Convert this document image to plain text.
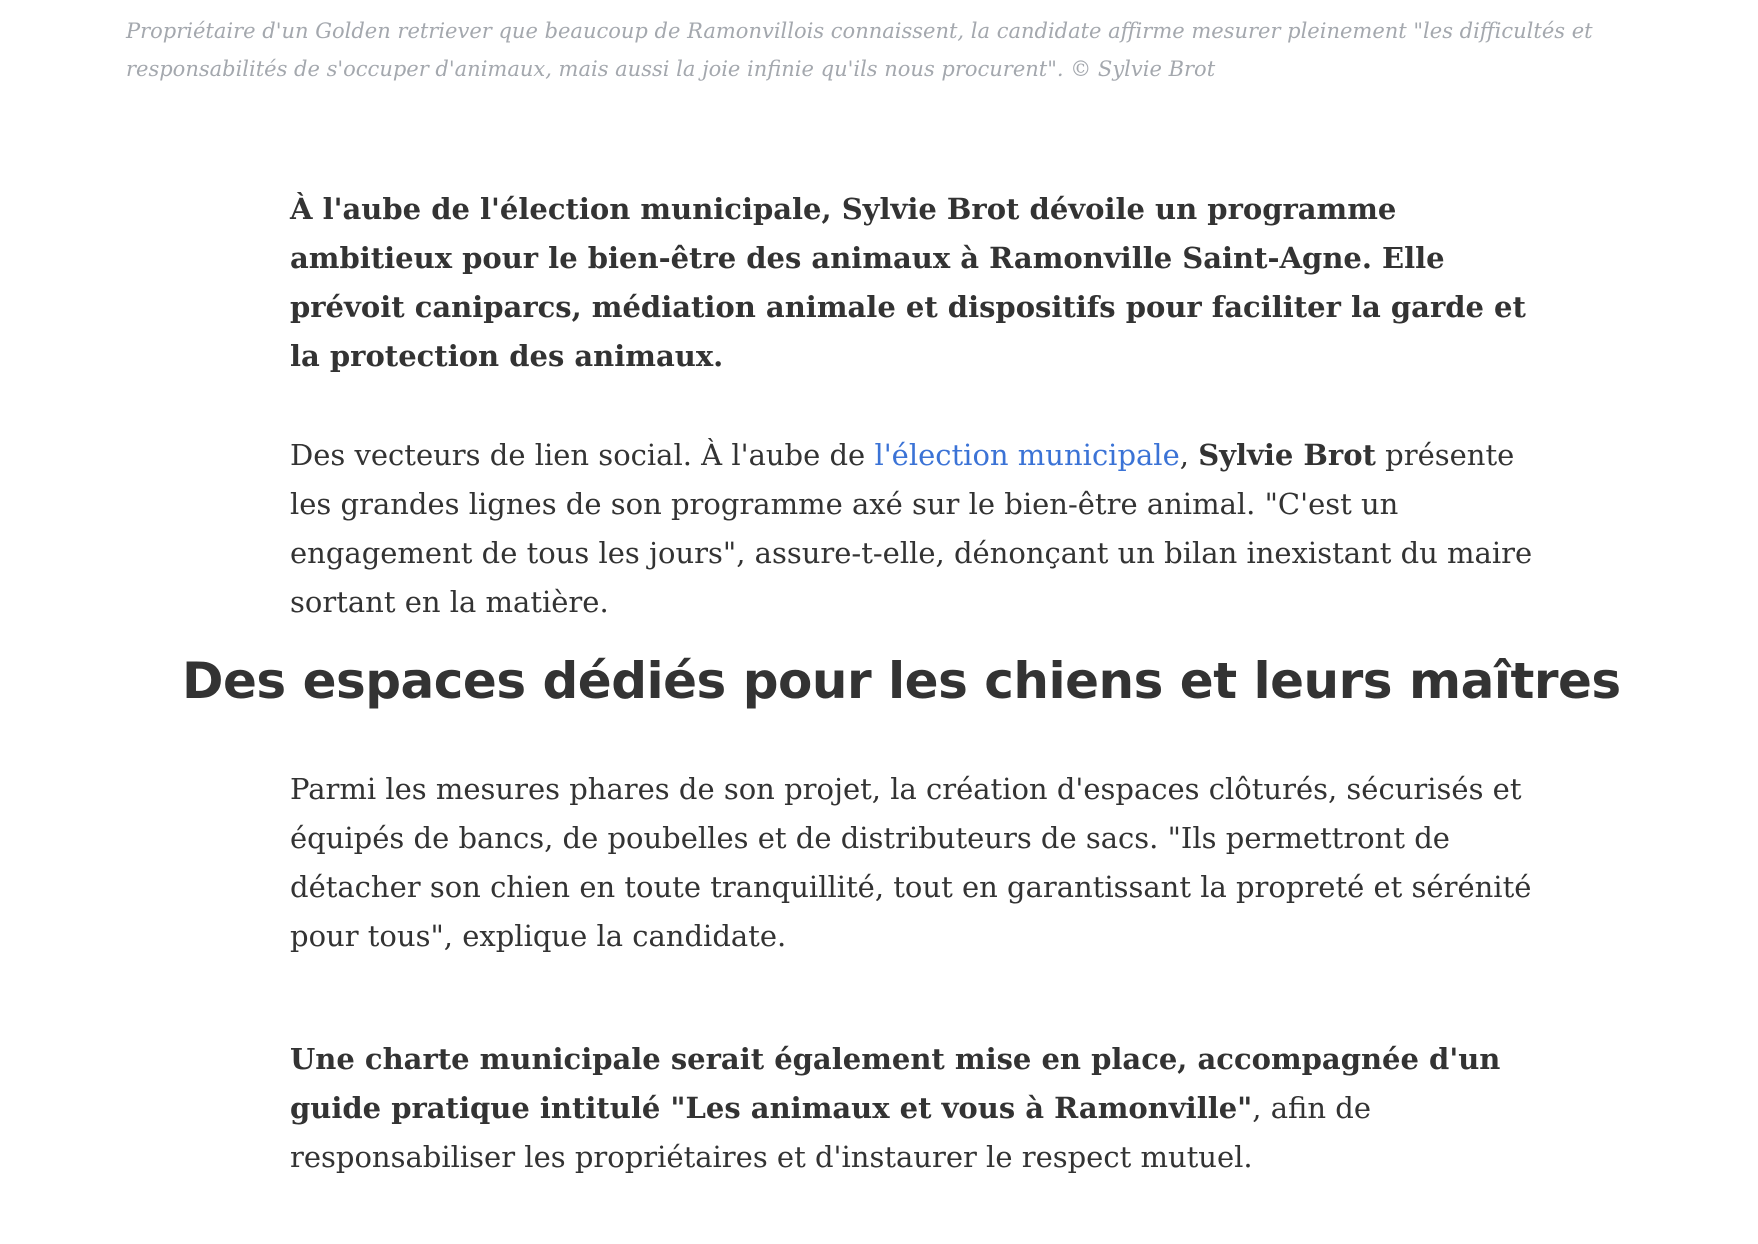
Propriétaire d'un Golden retriever que beaucoup de Ramonvillois connaissent, la candidate affirme mesurer pleinement "les difficultés et responsabilités de s'occuper d'animaux, mais aussi la joie infinie qu'ils nous procurent". © Sylvie Brot

À l'aube de l'élection municipale, Sylvie Brot dévoile un programme ambitieux pour le bien-être des animaux à Ramonville Saint-Agne. Elle prévoit caniparcs, médiation animale et dispositifs pour faciliter la garde et la protection des animaux.

Des vecteurs de lien social. À l'aube de l'élection municipale, Sylvie Brot présente les grandes lignes de son programme axé sur le bien-être animal. "C'est un engagement de tous les jours", assure-t-elle, dénonçant un bilan inexistant du maire sortant en la matière.

Des espaces dédiés pour les chiens et leurs maîtres

Parmi les mesures phares de son projet, la création d'espaces clôturés, sécurisés et équipés de bancs, de poubelles et de distributeurs de sacs. "Ils permettront de détacher son chien en toute tranquillité, tout en garantissant la propreté et sérénité pour tous", explique la candidate.

Une charte municipale serait également mise en place, accompagnée d'un guide pratique intitulé "Les animaux et vous à Ramonville", afin de responsabiliser les propriétaires et d'instaurer le respect mutuel.
